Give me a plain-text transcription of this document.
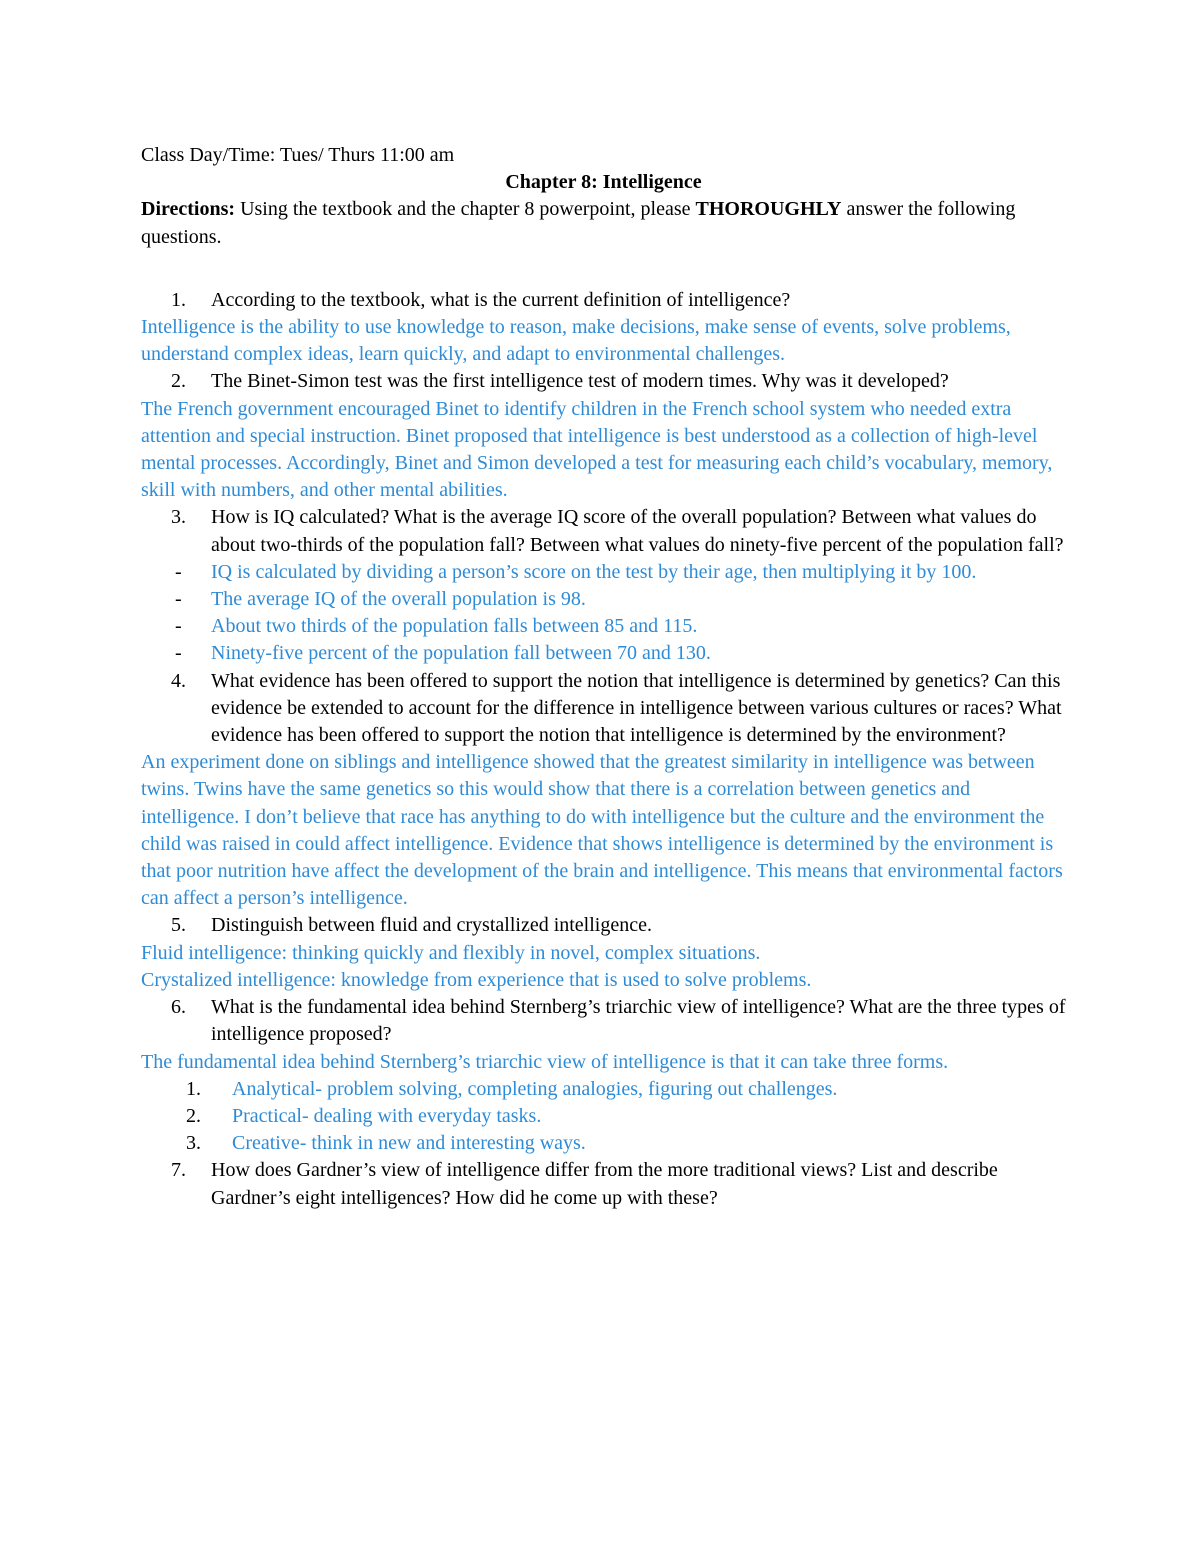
Class Day/Time: Tues/ Thurs 11:00 am

Chapter 8: Intelligence

Directions: Using the textbook and the chapter 8 powerpoint, please THOROUGHLY answer the following questions.

1.	According to the textbook, what is the current definition of intelligence?

Intelligence is the ability to use knowledge to reason, make decisions, make sense of events, solve problems, understand complex ideas, learn quickly, and adapt to environmental challenges.

2.	The Binet-Simon test was the first intelligence test of modern times. Why was it developed?

The French government encouraged Binet to identify children in the French school system who needed extra attention and special instruction. Binet proposed that intelligence is best understood as a collection of high-level mental processes. Accordingly, Binet and Simon developed a test for measuring each child’s vocabulary, memory, skill with numbers, and other mental abilities.

3.	How is IQ calculated? What is the average IQ score of the overall population? Between what values do about two-thirds of the population fall? Between what values do ninety-five percent of the population fall?
-	IQ is calculated by dividing a person’s score on the test by their age, then multiplying it by 100.
-	The average IQ of the overall population is 98.
-	About two thirds of the population falls between 85 and 115.
-	Ninety-five percent of the population fall between 70 and 130.
4.	What evidence has been offered to support the notion that intelligence is determined by genetics? Can this evidence be extended to account for the difference in intelligence between various cultures or races? What evidence has been offered to support the notion that intelligence is determined by the environment?

An experiment done on siblings and intelligence showed that the greatest similarity in intelligence was between twins. Twins have the same genetics so this would show that there is a correlation between genetics and intelligence. I don’t believe that race has anything to do with intelligence but the culture and the environment the child was raised in could affect intelligence. Evidence that shows intelligence is determined by the environment is that poor nutrition have affect the development of the brain and intelligence. This means that environmental factors can affect a person’s intelligence.

5.	Distinguish between fluid and crystallized intelligence.

Fluid intelligence: thinking quickly and flexibly in novel, complex situations.

Crystalized intelligence: knowledge from experience that is used to solve problems.

6.	What is the fundamental idea behind Sternberg’s triarchic view of intelligence? What are the three types of intelligence proposed?

The fundamental idea behind Sternberg’s triarchic view of intelligence is that it can take three forms.

1.	Analytical- problem solving, completing analogies, figuring out challenges.
2.	Practical- dealing with everyday tasks.
3.	Creative- think in new and interesting ways.
7.	How does Gardner’s view of intelligence differ from the more traditional views? List and describe Gardner’s eight intelligences? How did he come up with these?
